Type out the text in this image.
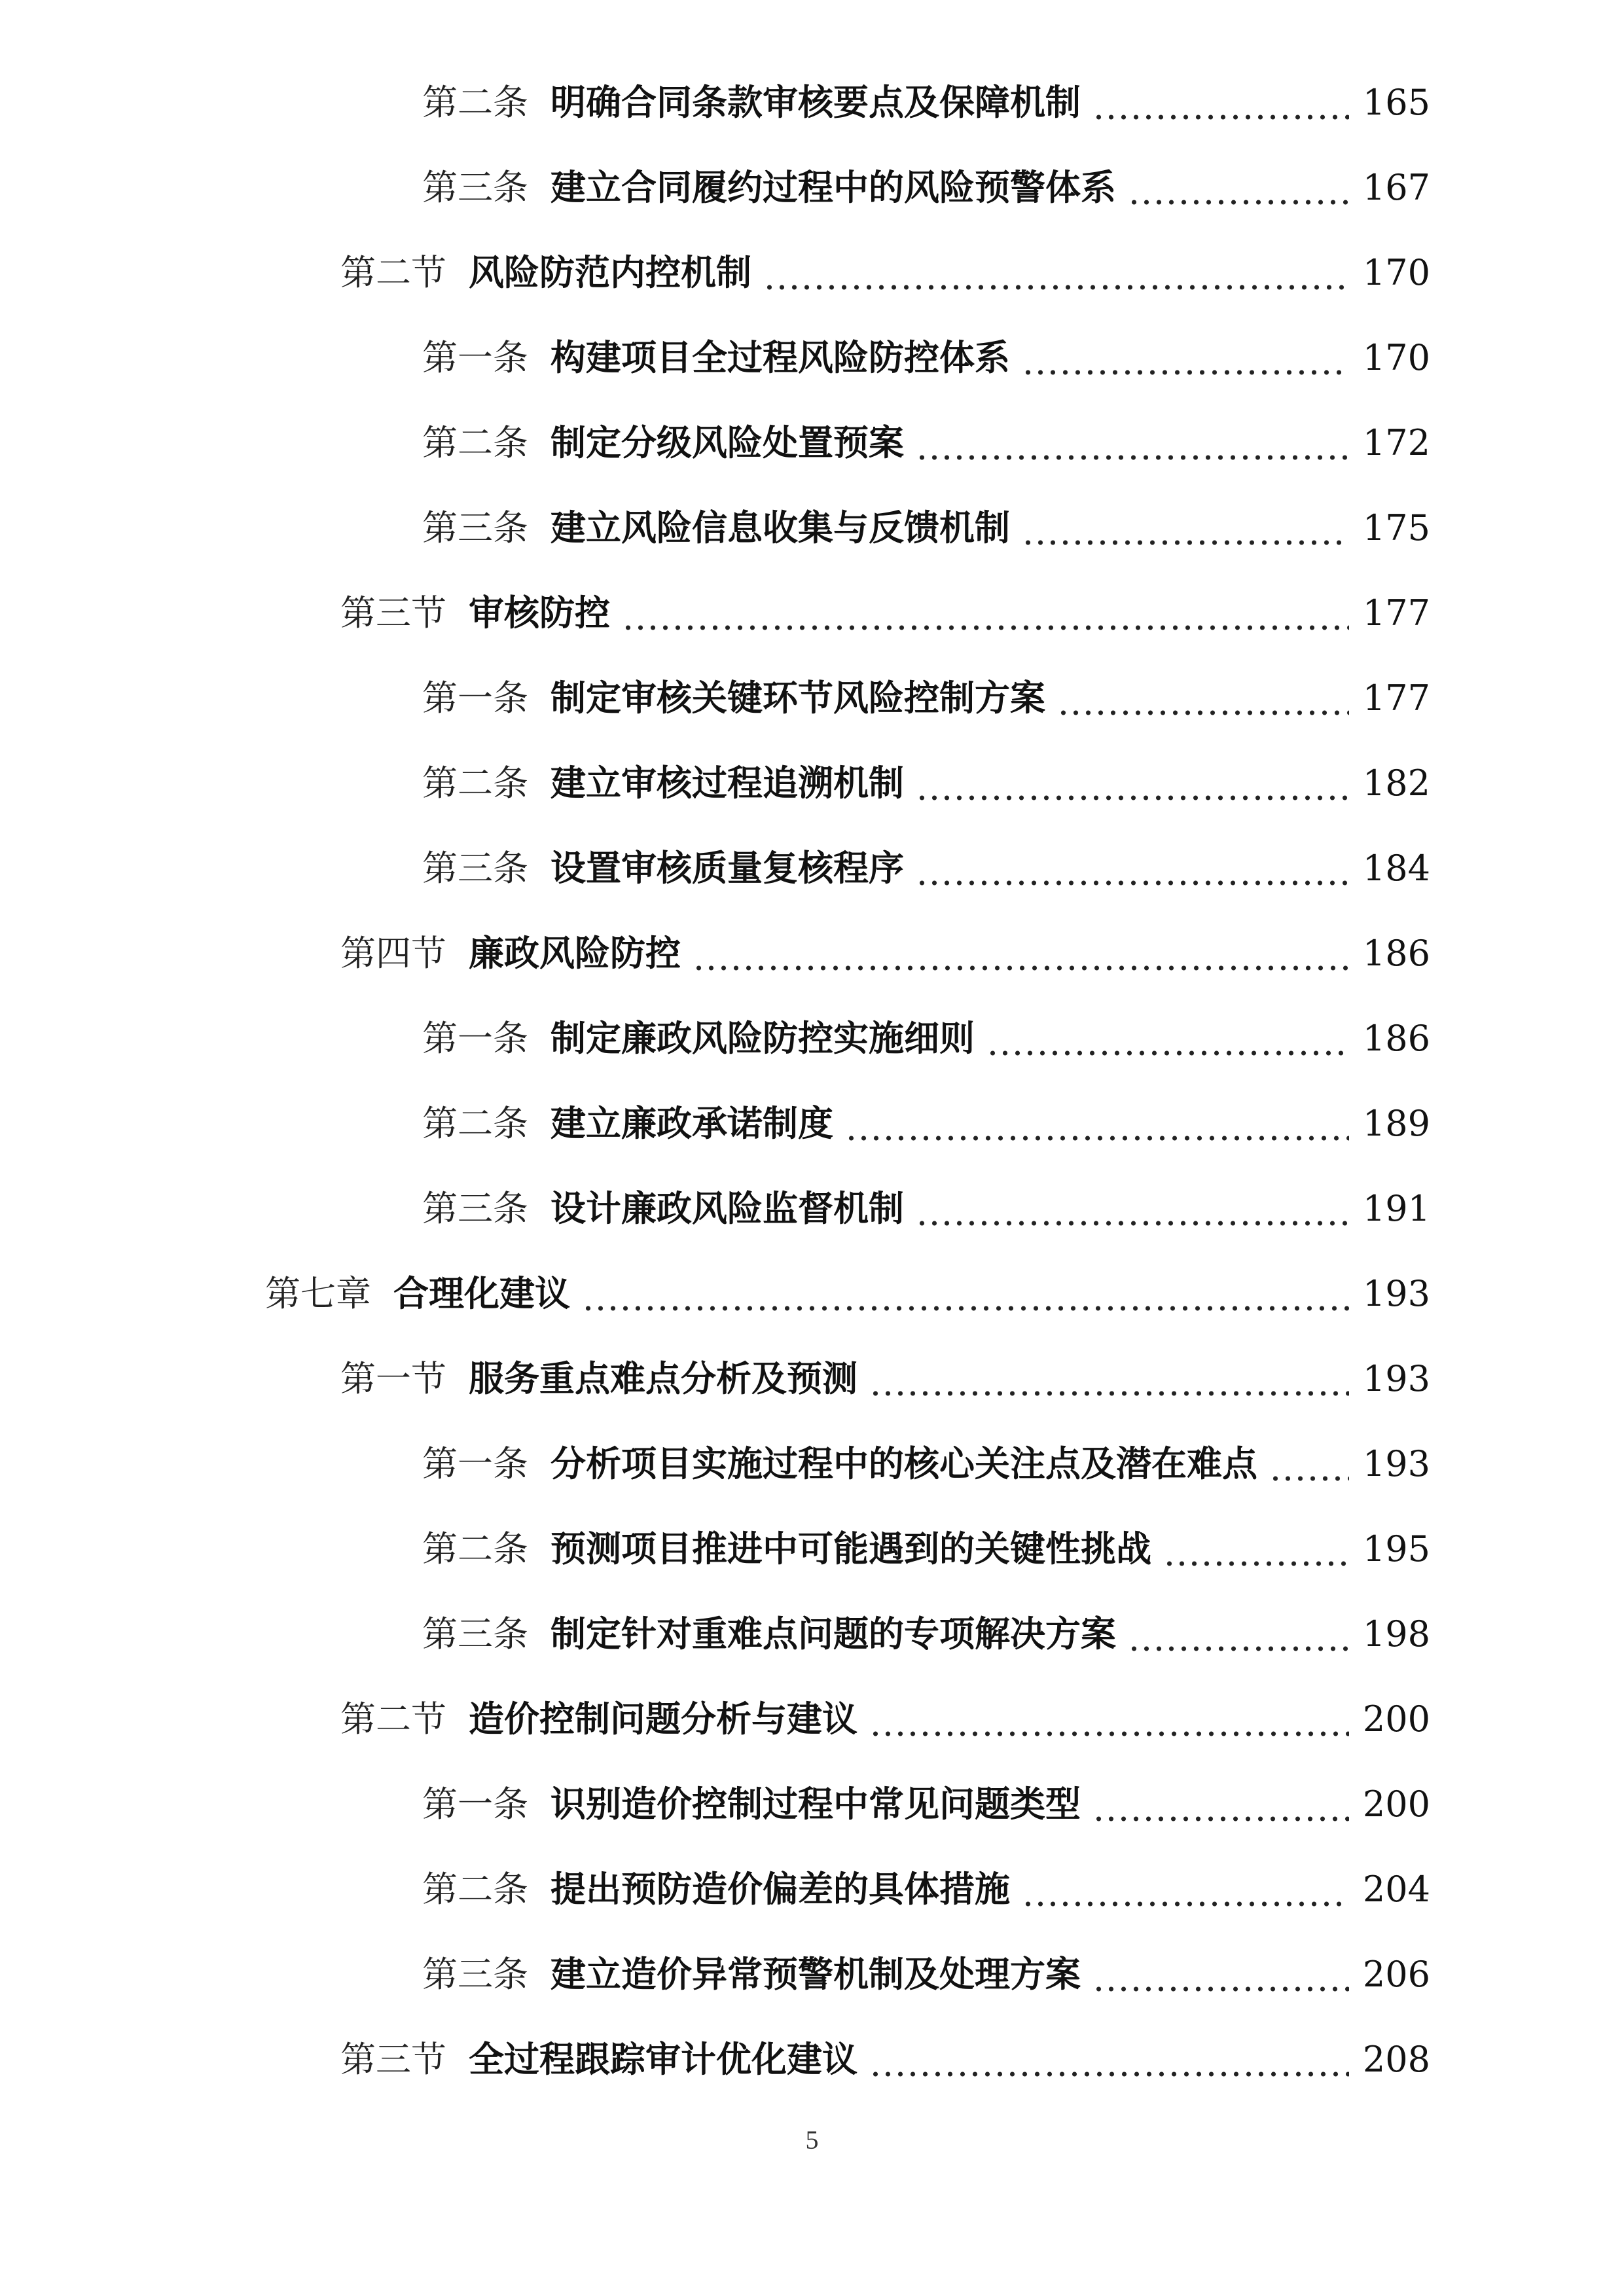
第二条 明确合同条款审核要点及保障机制	165
第三条 建立合同履约过程中的风险预警体系	167
第二节 风险防范内控机制	170
第一条 构建项目全过程风险防控体系	170
第二条 制定分级风险处置预案	172
第三条 建立风险信息收集与反馈机制	175
第三节 审核防控	177
第一条 制定审核关键环节风险控制方案	177
第二条 建立审核过程追溯机制	182
第三条 设置审核质量复核程序	184
第四节 廉政风险防控	186
第一条 制定廉政风险防控实施细则	186
第二条 建立廉政承诺制度	189
第三条 设计廉政风险监督机制	191
第七章 合理化建议	193
第一节 服务重点难点分析及预测	193
第一条 分析项目实施过程中的核心关注点及潜在难点	193
第二条 预测项目推进中可能遇到的关键性挑战	195
第三条 制定针对重难点问题的专项解决方案	198
第二节 造价控制问题分析与建议	200
第一条 识别造价控制过程中常见问题类型	200
第二条 提出预防造价偏差的具体措施	204
第三条 建立造价异常预警机制及处理方案	206
第三节 全过程跟踪审计优化建议	208
5
